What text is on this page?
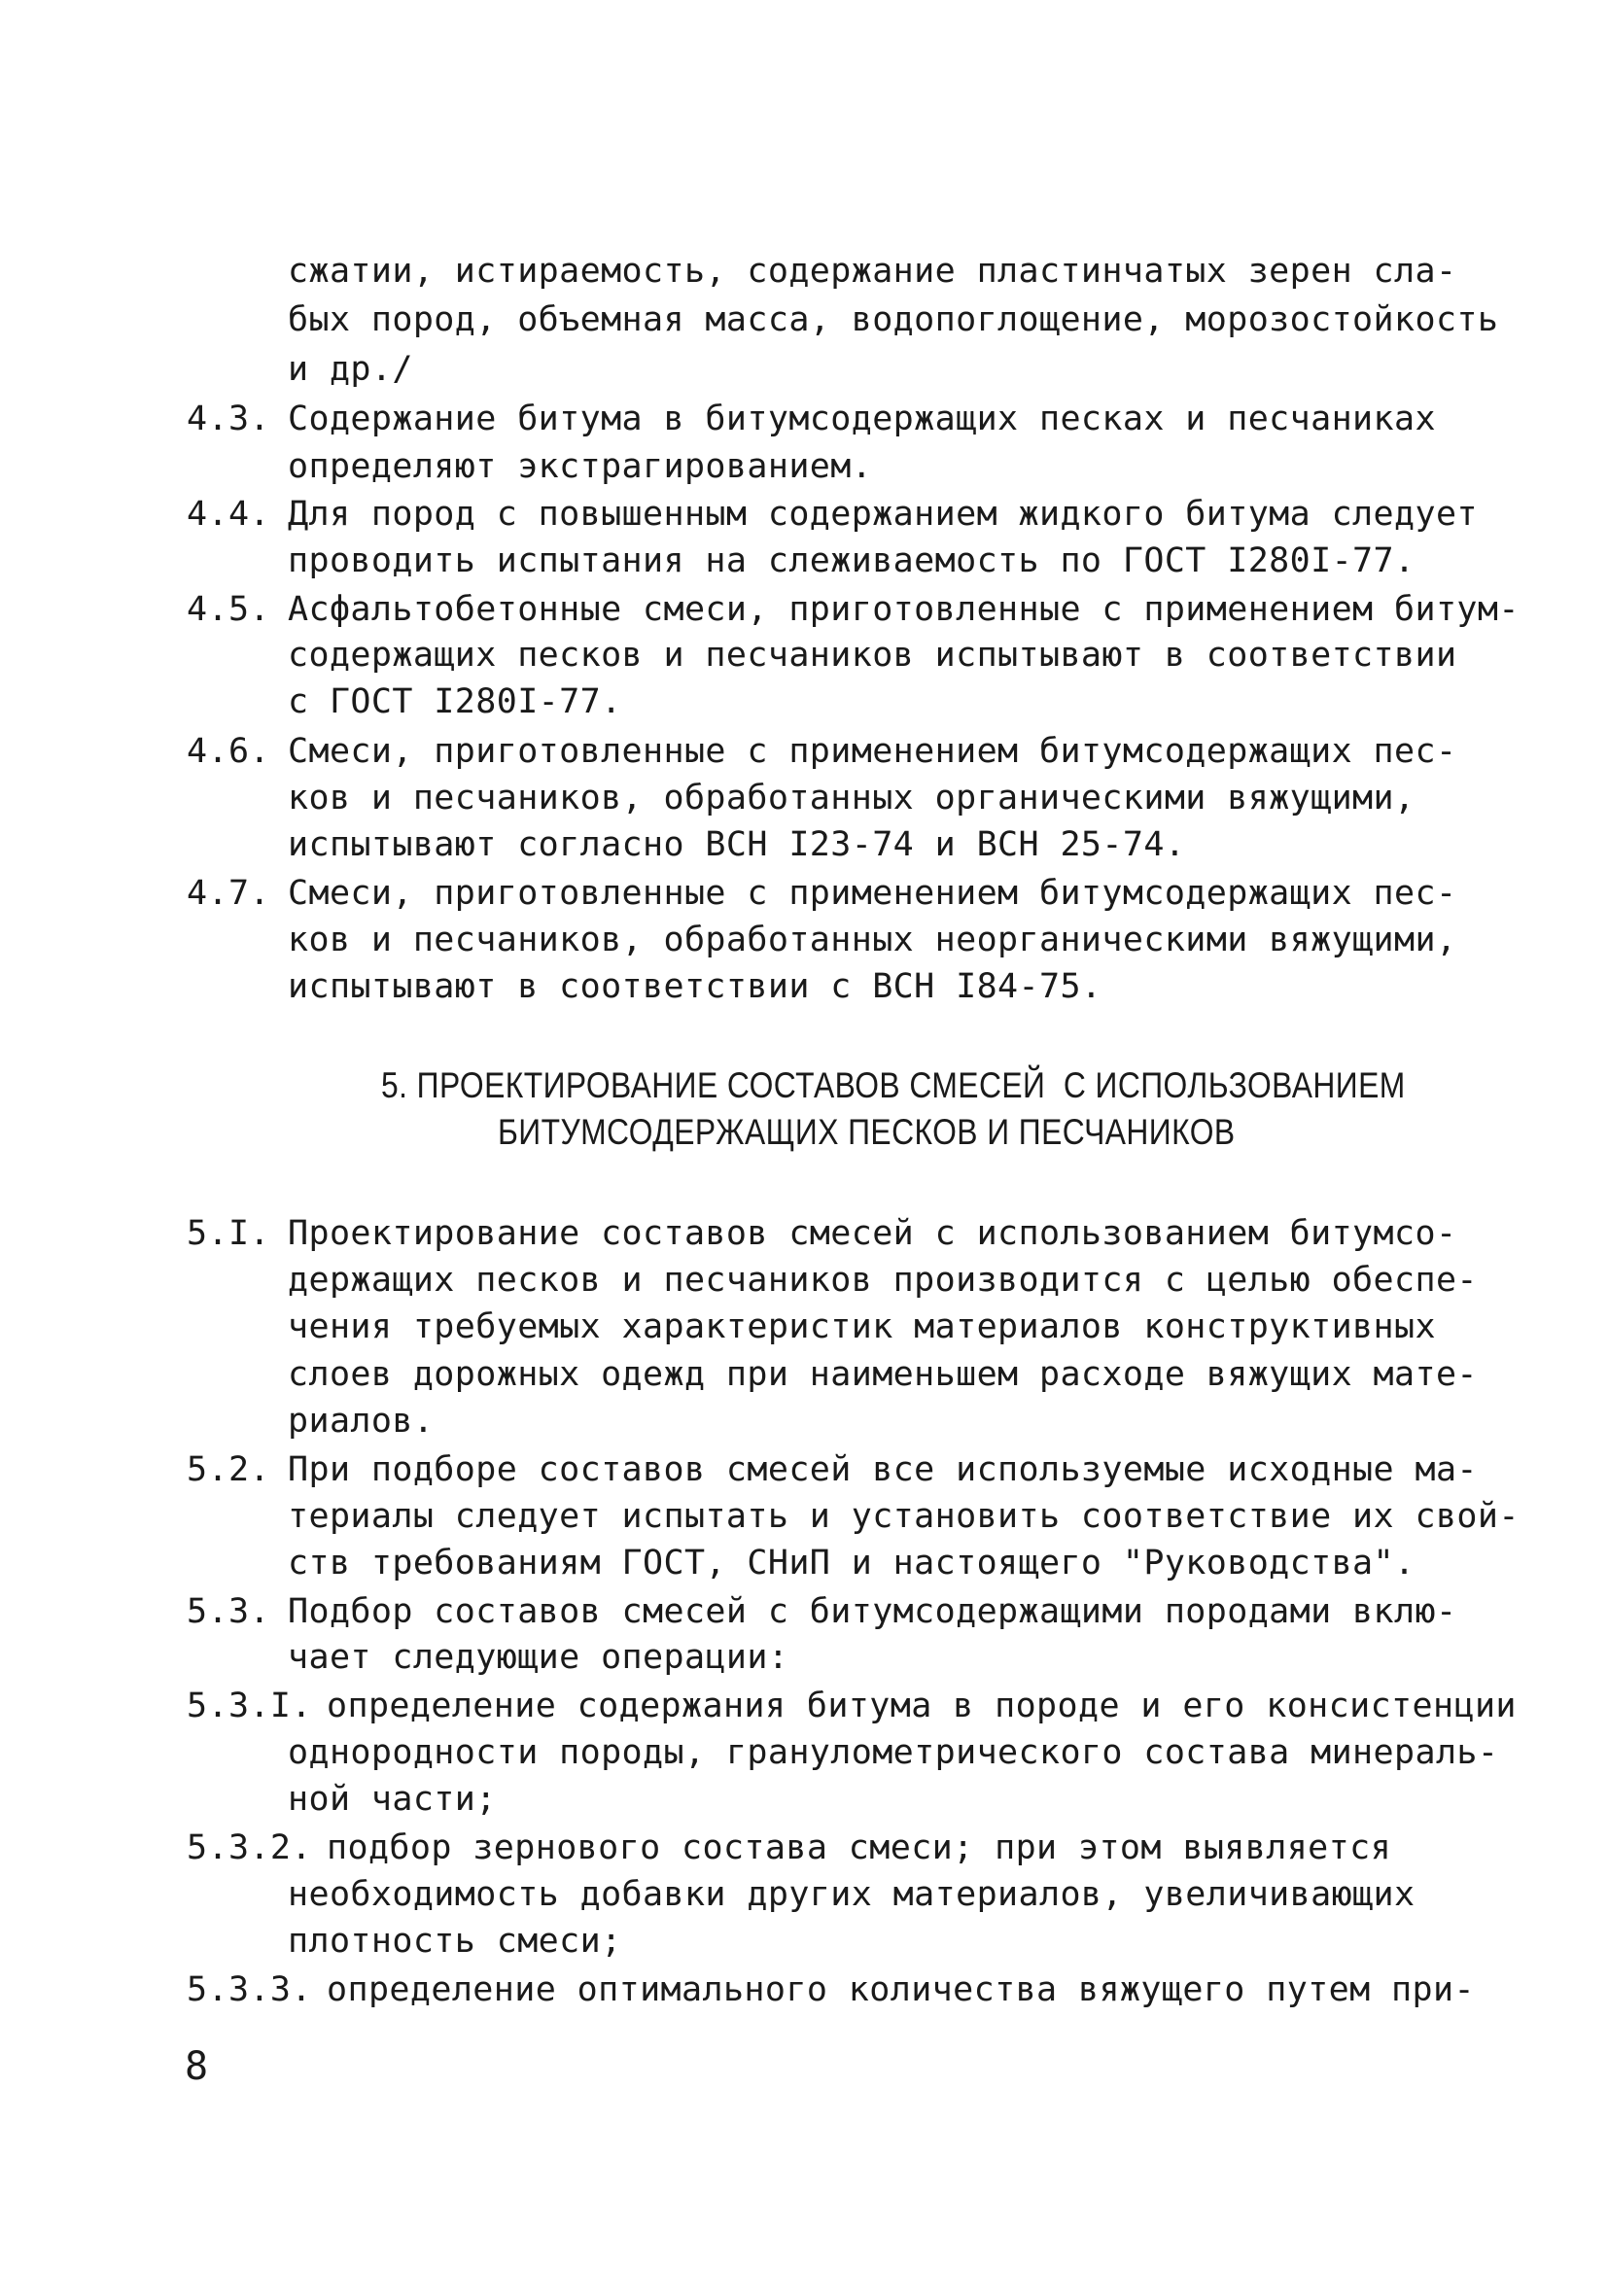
сжатии, истираемость, содержание пластинчатых зерен сла-
бых пород, объемная масса, водопоглощение, морозостойкость
и др./
4.3. Содержание битума в битумсодержащих песках и песчаниках
определяют экстрагированием.
4.4. Для пород с повышенным содержанием жидкого битума следует
проводить испытания на слеживаемость по ГОСТ I280I-77.
4.5. Асфальтобетонные смеси, приготовленные с применением битум-
содержащих песков и песчаников испытывают в соответствии
с ГОСТ I280I-77.
4.6. Смеси, приготовленные с применением битумсодержащих пес-
ков и песчаников, обработанных органическими вяжущими,
испытывают согласно ВСН I23-74 и ВСН 25-74.
4.7. Смеси, приготовленные с применением битумсодержащих пес-
ков и песчаников, обработанных неорганическими вяжущими,
испытывают в соответствии с ВСН I84-75.
5. ПРОЕКТИРОВАНИЕ СОСТАВОВ СМЕСЕЙ  С ИСПОЛЬЗОВАНИЕМ
БИТУМСОДЕРЖАЩИХ ПЕСКОВ И ПЕСЧАНИКОВ
5.I. Проектирование составов смесей с использованием битумсо-
держащих песков и песчаников производится с целью обеспе-
чения требуемых характеристик материалов конструктивных
слоев дорожных одежд при наименьшем расходе вяжущих мате-
риалов.
5.2. При подборе составов смесей все используемые исходные ма-
териалы следует испытать и установить соответствие их свой-
ств требованиям ГОСТ, СНиП и настоящего "Руководства".
5.3. Подбор составов смесей с битумсодержащими породами вклю-
чает следующие операции:
5.3.I. определение содержания битума в породе и его консистенции
однородности породы, гранулометрического состава минераль-
ной части;
5.3.2. подбор зернового состава смеси; при этом выявляется
необходимость добавки других материалов, увеличивающих
плотность смеси;
5.3.3. определение оптимального количества вяжущего путем при-
8
